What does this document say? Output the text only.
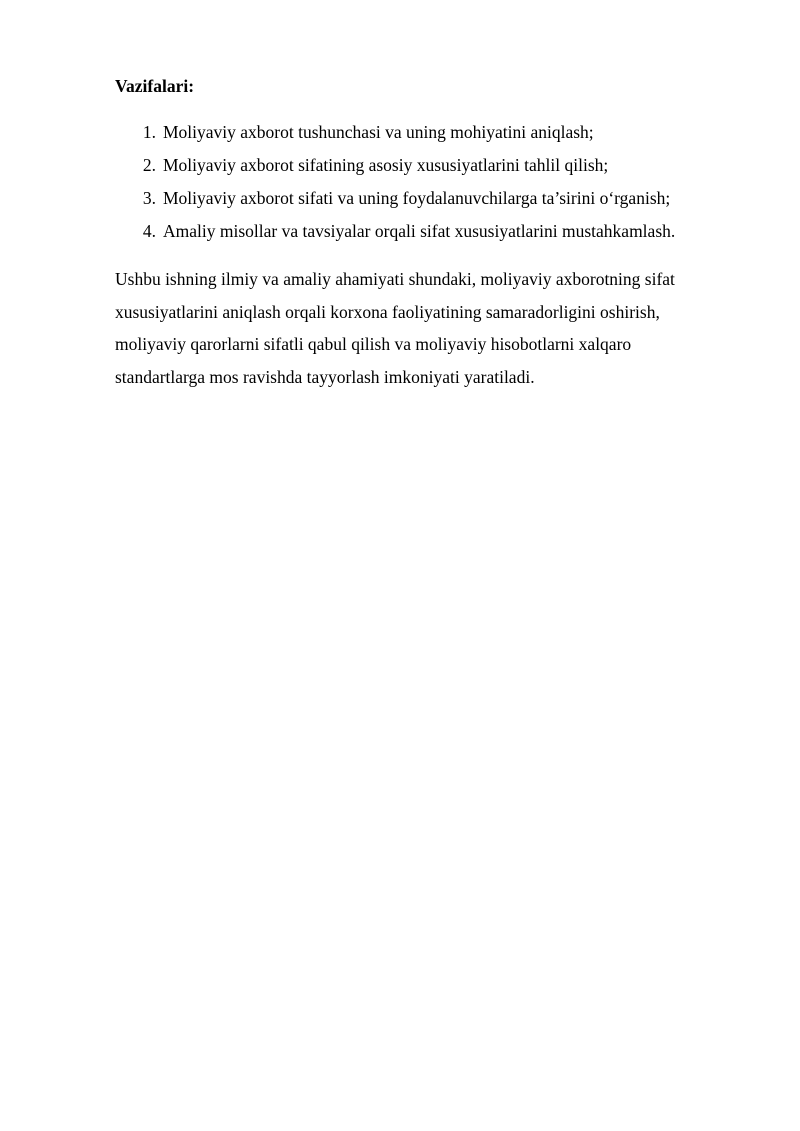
Vazifalari:
1. Moliyaviy axborot tushunchasi va uning mohiyatini aniqlash;
2. Moliyaviy axborot sifatining asosiy xususiyatlarini tahlil qilish;
3. Moliyaviy axborot sifati va uning foydalanuvchilarga ta’sirini o‘rganish;
4. Amaliy misollar va tavsiyalar orqali sifat xususiyatlarini mustahkamlash.

Ushbu ishning ilmiy va amaliy ahamiyati shundaki, moliyaviy axborotning sifat
xususiyatlarini aniqlash orqali korxona faoliyatining samaradorligini oshirish,
moliyaviy qarorlarni sifatli qabul qilish va moliyaviy hisobotlarni xalqaro
standartlarga mos ravishda tayyorlash imkoniyati yaratiladi.
